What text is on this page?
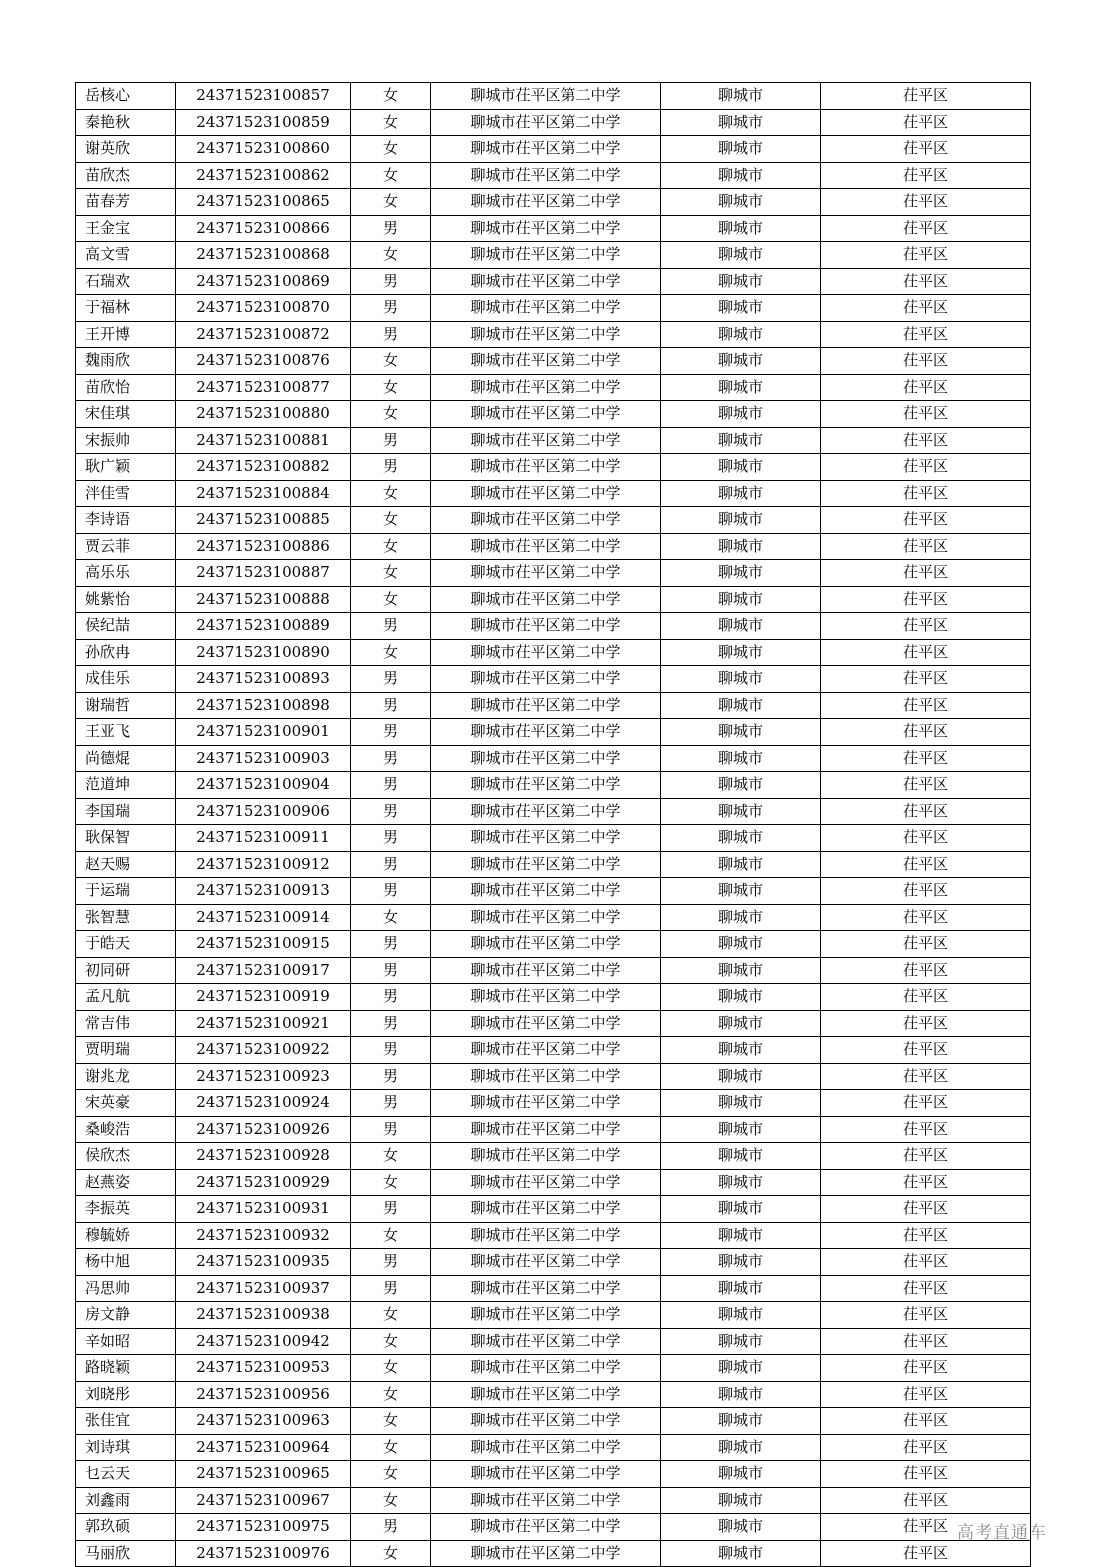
岳核心	24371523100857	女	聊城市茌平区第二中学	聊城市	茌平区
秦艳秋	24371523100859	女	聊城市茌平区第二中学	聊城市	茌平区
谢英欣	24371523100860	女	聊城市茌平区第二中学	聊城市	茌平区
苗欣杰	24371523100862	女	聊城市茌平区第二中学	聊城市	茌平区
苗春芳	24371523100865	女	聊城市茌平区第二中学	聊城市	茌平区
王金宝	24371523100866	男	聊城市茌平区第二中学	聊城市	茌平区
高文雪	24371523100868	女	聊城市茌平区第二中学	聊城市	茌平区
石瑞欢	24371523100869	男	聊城市茌平区第二中学	聊城市	茌平区
于福林	24371523100870	男	聊城市茌平区第二中学	聊城市	茌平区
王开博	24371523100872	男	聊城市茌平区第二中学	聊城市	茌平区
魏雨欣	24371523100876	女	聊城市茌平区第二中学	聊城市	茌平区
苗欣怡	24371523100877	女	聊城市茌平区第二中学	聊城市	茌平区
宋佳琪	24371523100880	女	聊城市茌平区第二中学	聊城市	茌平区
宋振帅	24371523100881	男	聊城市茌平区第二中学	聊城市	茌平区
耿广颖	24371523100882	男	聊城市茌平区第二中学	聊城市	茌平区
泮佳雪	24371523100884	女	聊城市茌平区第二中学	聊城市	茌平区
李诗语	24371523100885	女	聊城市茌平区第二中学	聊城市	茌平区
贾云菲	24371523100886	女	聊城市茌平区第二中学	聊城市	茌平区
高乐乐	24371523100887	女	聊城市茌平区第二中学	聊城市	茌平区
姚紫怡	24371523100888	女	聊城市茌平区第二中学	聊城市	茌平区
侯纪喆	24371523100889	男	聊城市茌平区第二中学	聊城市	茌平区
孙欣冉	24371523100890	女	聊城市茌平区第二中学	聊城市	茌平区
成佳乐	24371523100893	男	聊城市茌平区第二中学	聊城市	茌平区
谢瑞哲	24371523100898	男	聊城市茌平区第二中学	聊城市	茌平区
王亚飞	24371523100901	男	聊城市茌平区第二中学	聊城市	茌平区
尚德焜	24371523100903	男	聊城市茌平区第二中学	聊城市	茌平区
范道坤	24371523100904	男	聊城市茌平区第二中学	聊城市	茌平区
李国瑞	24371523100906	男	聊城市茌平区第二中学	聊城市	茌平区
耿保智	24371523100911	男	聊城市茌平区第二中学	聊城市	茌平区
赵天赐	24371523100912	男	聊城市茌平区第二中学	聊城市	茌平区
于运瑞	24371523100913	男	聊城市茌平区第二中学	聊城市	茌平区
张智慧	24371523100914	女	聊城市茌平区第二中学	聊城市	茌平区
于皓天	24371523100915	男	聊城市茌平区第二中学	聊城市	茌平区
初同研	24371523100917	男	聊城市茌平区第二中学	聊城市	茌平区
孟凡航	24371523100919	男	聊城市茌平区第二中学	聊城市	茌平区
常吉伟	24371523100921	男	聊城市茌平区第二中学	聊城市	茌平区
贾明瑞	24371523100922	男	聊城市茌平区第二中学	聊城市	茌平区
谢兆龙	24371523100923	男	聊城市茌平区第二中学	聊城市	茌平区
宋英豪	24371523100924	男	聊城市茌平区第二中学	聊城市	茌平区
桑峻浩	24371523100926	男	聊城市茌平区第二中学	聊城市	茌平区
侯欣杰	24371523100928	女	聊城市茌平区第二中学	聊城市	茌平区
赵燕姿	24371523100929	女	聊城市茌平区第二中学	聊城市	茌平区
李振英	24371523100931	男	聊城市茌平区第二中学	聊城市	茌平区
穆毓娇	24371523100932	女	聊城市茌平区第二中学	聊城市	茌平区
杨中旭	24371523100935	男	聊城市茌平区第二中学	聊城市	茌平区
冯思帅	24371523100937	男	聊城市茌平区第二中学	聊城市	茌平区
房文静	24371523100938	女	聊城市茌平区第二中学	聊城市	茌平区
辛如昭	24371523100942	女	聊城市茌平区第二中学	聊城市	茌平区
路晓颖	24371523100953	女	聊城市茌平区第二中学	聊城市	茌平区
刘晓彤	24371523100956	女	聊城市茌平区第二中学	聊城市	茌平区
张佳宜	24371523100963	女	聊城市茌平区第二中学	聊城市	茌平区
刘诗琪	24371523100964	女	聊城市茌平区第二中学	聊城市	茌平区
乜云天	24371523100965	女	聊城市茌平区第二中学	聊城市	茌平区
刘鑫雨	24371523100967	女	聊城市茌平区第二中学	聊城市	茌平区
郭玖硕	24371523100975	男	聊城市茌平区第二中学	聊城市	茌平区
马丽欣	24371523100976	女	聊城市茌平区第二中学	聊城市	茌平区
高考直通车
